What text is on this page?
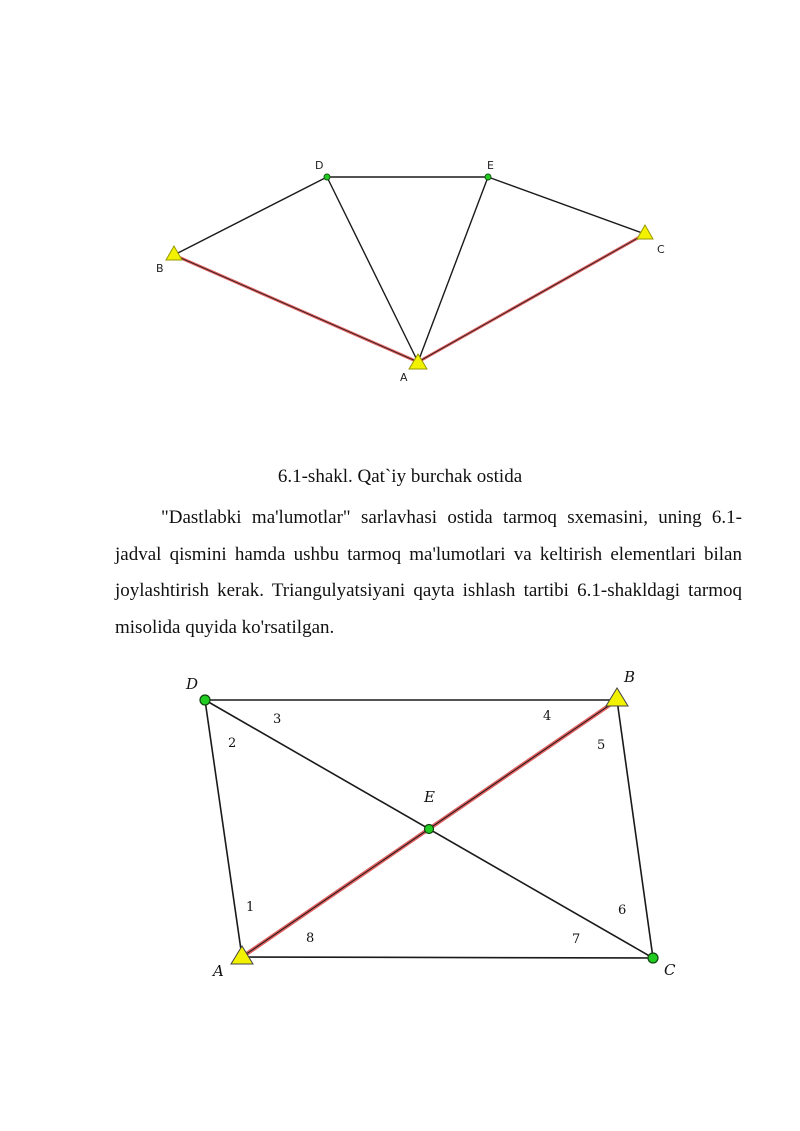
D	E
B
C
A
6.1-shakl. Qat`iy burchak ostida
"Dastlabki ma'lumotlar" sarlavhasi ostida tarmoq sxemasini, uning 6.1-jadval qismini hamda ushbu tarmoq ma'lumotlari va keltirish elementlari bilan joylashtirish kerak. Triangulyatsiyani qayta ishlash tartibi 6.1-shakldagi tarmoq misolida quyida ko'rsatilgan.
D	B
E
A	C
1
2
3	4
5
6
7
8
